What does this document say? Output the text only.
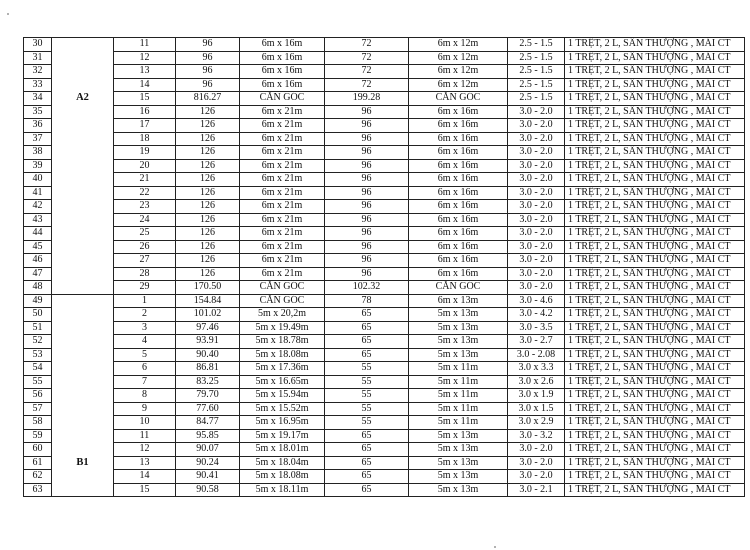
30		11	96	6m x 16m	72	6m x 12m	2.5 - 1.5	1 TRỆT, 2 L, SÂN THƯỢNG , MÁI CT
31		12	96	6m x 16m	72	6m x 12m	2.5 - 1.5	1 TRỆT, 2 L, SÂN THƯỢNG , MÁI CT
32		13	96	6m x 16m	72	6m x 12m	2.5 - 1.5	1 TRỆT, 2 L, SÂN THƯỢNG , MÁI CT
33		14	96	6m x 16m	72	6m x 12m	2.5 - 1.5	1 TRỆT, 2 L, SÂN THƯỢNG , MÁI CT
34	A2	15	816.27	CĂN GÓC	199.28	CĂN GÓC	2.5 - 1.5	1 TRỆT, 2 L, SÂN THƯỢNG , MÁI CT
35		16	126	6m x 21m	96	6m x 16m	3.0 - 2.0	1 TRỆT, 2 L, SÂN THƯỢNG , MÁI CT
36		17	126	6m x 21m	96	6m x 16m	3.0 - 2.0	1 TRỆT, 2 L, SÂN THƯỢNG , MÁI CT
37		18	126	6m x 21m	96	6m x 16m	3.0 - 2.0	1 TRỆT, 2 L, SÂN THƯỢNG , MÁI CT
38		19	126	6m x 21m	96	6m x 16m	3.0 - 2.0	1 TRỆT, 2 L, SÂN THƯỢNG , MÁI CT
39		20	126	6m x 21m	96	6m x 16m	3.0 - 2.0	1 TRỆT, 2 L, SÂN THƯỢNG , MÁI CT
40		21	126	6m x 21m	96	6m x 16m	3.0 - 2.0	1 TRỆT, 2 L, SÂN THƯỢNG , MÁI CT
41		22	126	6m x 21m	96	6m x 16m	3.0 - 2.0	1 TRỆT, 2 L, SÂN THƯỢNG , MÁI CT
42		23	126	6m x 21m	96	6m x 16m	3.0 - 2.0	1 TRỆT, 2 L, SÂN THƯỢNG , MÁI CT
43		24	126	6m x 21m	96	6m x 16m	3.0 - 2.0	1 TRỆT, 2 L, SÂN THƯỢNG , MÁI CT
44		25	126	6m x 21m	96	6m x 16m	3.0 - 2.0	1 TRỆT, 2 L, SÂN THƯỢNG , MÁI CT
45		26	126	6m x 21m	96	6m x 16m	3.0 - 2.0	1 TRỆT, 2 L, SÂN THƯỢNG , MÁI CT
46		27	126	6m x 21m	96	6m x 16m	3.0 - 2.0	1 TRỆT, 2 L, SÂN THƯỢNG , MÁI CT
47		28	126	6m x 21m	96	6m x 16m	3.0 - 2.0	1 TRỆT, 2 L, SÂN THƯỢNG , MÁI CT
48		29	170.50	CĂN GÓC	102.32	CĂN GÓC	3.0 - 2.0	1 TRỆT, 2 L, SÂN THƯỢNG , MÁI CT
49		1	154.84	CĂN GÓC	78	6m x 13m	3.0 - 4.6	1 TRỆT, 2 L, SÂN THƯỢNG , MÁI CT
50		2	101.02	5m x 20,2m	65	5m x 13m	3.0 - 4.2	1 TRỆT, 2 L, SÂN THƯỢNG , MÁI CT
51		3	97.46	5m x 19.49m	65	5m x 13m	3.0 - 3.5	1 TRỆT, 2 L, SÂN THƯỢNG , MÁI CT
52		4	93.91	5m x 18.78m	65	5m x 13m	3.0 - 2.7	1 TRỆT, 2 L, SÂN THƯỢNG , MÁI CT
53		5	90.40	5m x 18.08m	65	5m x 13m	3.0 - 2.08	1 TRỆT, 2 L, SÂN THƯỢNG , MÁI CT
54		6	86.81	5m x 17.36m	55	5m x 11m	3.0 x 3.3	1 TRỆT, 2 L, SÂN THƯỢNG , MÁI CT
55		7	83.25	5m x 16.65m	55	5m x 11m	3.0 x 2.6	1 TRỆT, 2 L, SÂN THƯỢNG , MÁI CT
56		8	79.70	5m x 15.94m	55	5m x 11m	3.0 x 1.9	1 TRỆT, 2 L, SÂN THƯỢNG , MÁI CT
57		9	77.60	5m x 15.52m	55	5m x 11m	3.0 x 1.5	1 TRỆT, 2 L, SÂN THƯỢNG , MÁI CT
58		10	84.77	5m x 16.95m	55	5m x 11m	3.0 x 2.9	1 TRỆT, 2 L, SÂN THƯỢNG , MÁI CT
59		11	95.85	5m x 19.17m	65	5m x 13m	3.0 - 3.2	1 TRỆT, 2 L, SÂN THƯỢNG , MÁI CT
60		12	90.07	5m x 18.01m	65	5m x 13m	3.0 - 2.0	1 TRỆT, 2 L, SÂN THƯỢNG , MÁI CT
61	B1	13	90.24	5m x 18.04m	65	5m x 13m	3.0 - 2.0	1 TRỆT, 2 L, SÂN THƯỢNG , MÁI CT
62		14	90.41	5m x 18.08m	65	5m x 13m	3.0 - 2.0	1 TRỆT, 2 L, SÂN THƯỢNG , MÁI CT
63		15	90.58	5m x 18.11m	65	5m x 13m	3.0 - 2.1	1 TRỆT, 2 L, SÂN THƯỢNG , MÁI CT
